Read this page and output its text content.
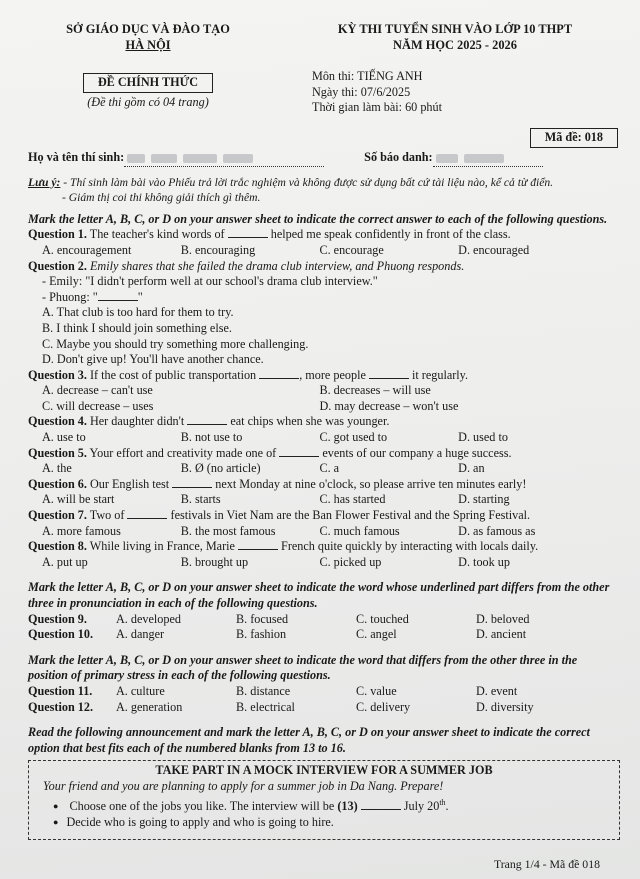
SỞ GIÁO DỤC VÀ ĐÀO TẠO
HÀ NỘI
ĐỀ CHÍNH THỨC
(Đề thi gồm có 04 trang)
KỲ THI TUYỂN SINH VÀO LỚP 10 THPT
NĂM HỌC 2025 - 2026
Môn thi: TIẾNG ANH
Ngày thi: 07/6/2025
Thời gian làm bài: 60 phút
Mã đề: 018
Họ và tên thí sinh:	Số báo danh:
Lưu ý: - Thí sinh làm bài vào Phiếu trả lời trắc nghiệm và không được sử dụng bất cứ tài liệu nào, kể cả từ điển.
- Giám thị coi thi không giải thích gì thêm.
Mark the letter A, B, C, or D on your answer sheet to indicate the correct answer to each of the following questions.
Question 1. The teacher's kind words of	helped me speak confidently in front of the class.
A. encouragement	B. encouraging	C. encourage	D. encouraged
Question 2. Emily shares that she failed the drama club interview, and Phuong responds.
- Emily: "I didn't perform well at our school's drama club interview."
- Phuong: "	"
A. That club is too hard for them to try.
B. I think I should join something else.
C. Maybe you should try something more challenging.
D. Don't give up! You'll have another chance.
Question 3. If the cost of public transportation	, more people	it regularly.
A. decrease – can't use	B. decreases – will use
C. will decrease – uses	D. may decrease – won't use
Question 4. Her daughter didn't	eat chips when she was younger.
A. use to	B. not use to	C. got used to	D. used to
Question 5. Your effort and creativity made one of	events of our company a huge success.
A. the	B. Ø (no article)	C. a	D. an
Question 6. Our English test	next Monday at nine o'clock, so please arrive ten minutes early!
A. will be start	B. starts	C. has started	D. starting
Question 7. Two of	festivals in Viet Nam are the Ban Flower Festival and the Spring Festival.
A. more famous	B. the most famous	C. much famous	D. as famous as
Question 8. While living in France, Marie	French quite quickly by interacting with locals daily.
A. put up	B. brought up	C. picked up	D. took up
Mark the letter A, B, C, or D on your answer sheet to indicate the word whose underlined part differs from the other three in pronunciation in each of the following questions.
Question 9.	A. developed	B. focused	C. touched	D. beloved
Question 10.	A. danger	B. fashion	C. angel	D. ancient
Mark the letter A, B, C, or D on your answer sheet to indicate the word that differs from the other three in the position of primary stress in each of the following questions.
Question 11.	A. culture	B. distance	C. value	D. event
Question 12.	A. generation	B. electrical	C. delivery	D. diversity
Read the following announcement and mark the letter A, B, C, or D on your answer sheet to indicate the correct option that best fits each of the numbered blanks from 13 to 16.
TAKE PART IN A MOCK INTERVIEW FOR A SUMMER JOB
Your friend and you are planning to apply for a summer job in Da Nang. Prepare!
● Choose one of the jobs you like. The interview will be (13)	July 20th.
● Decide who is going to apply and who is going to hire.
Trang 1/4 - Mã đề 018
